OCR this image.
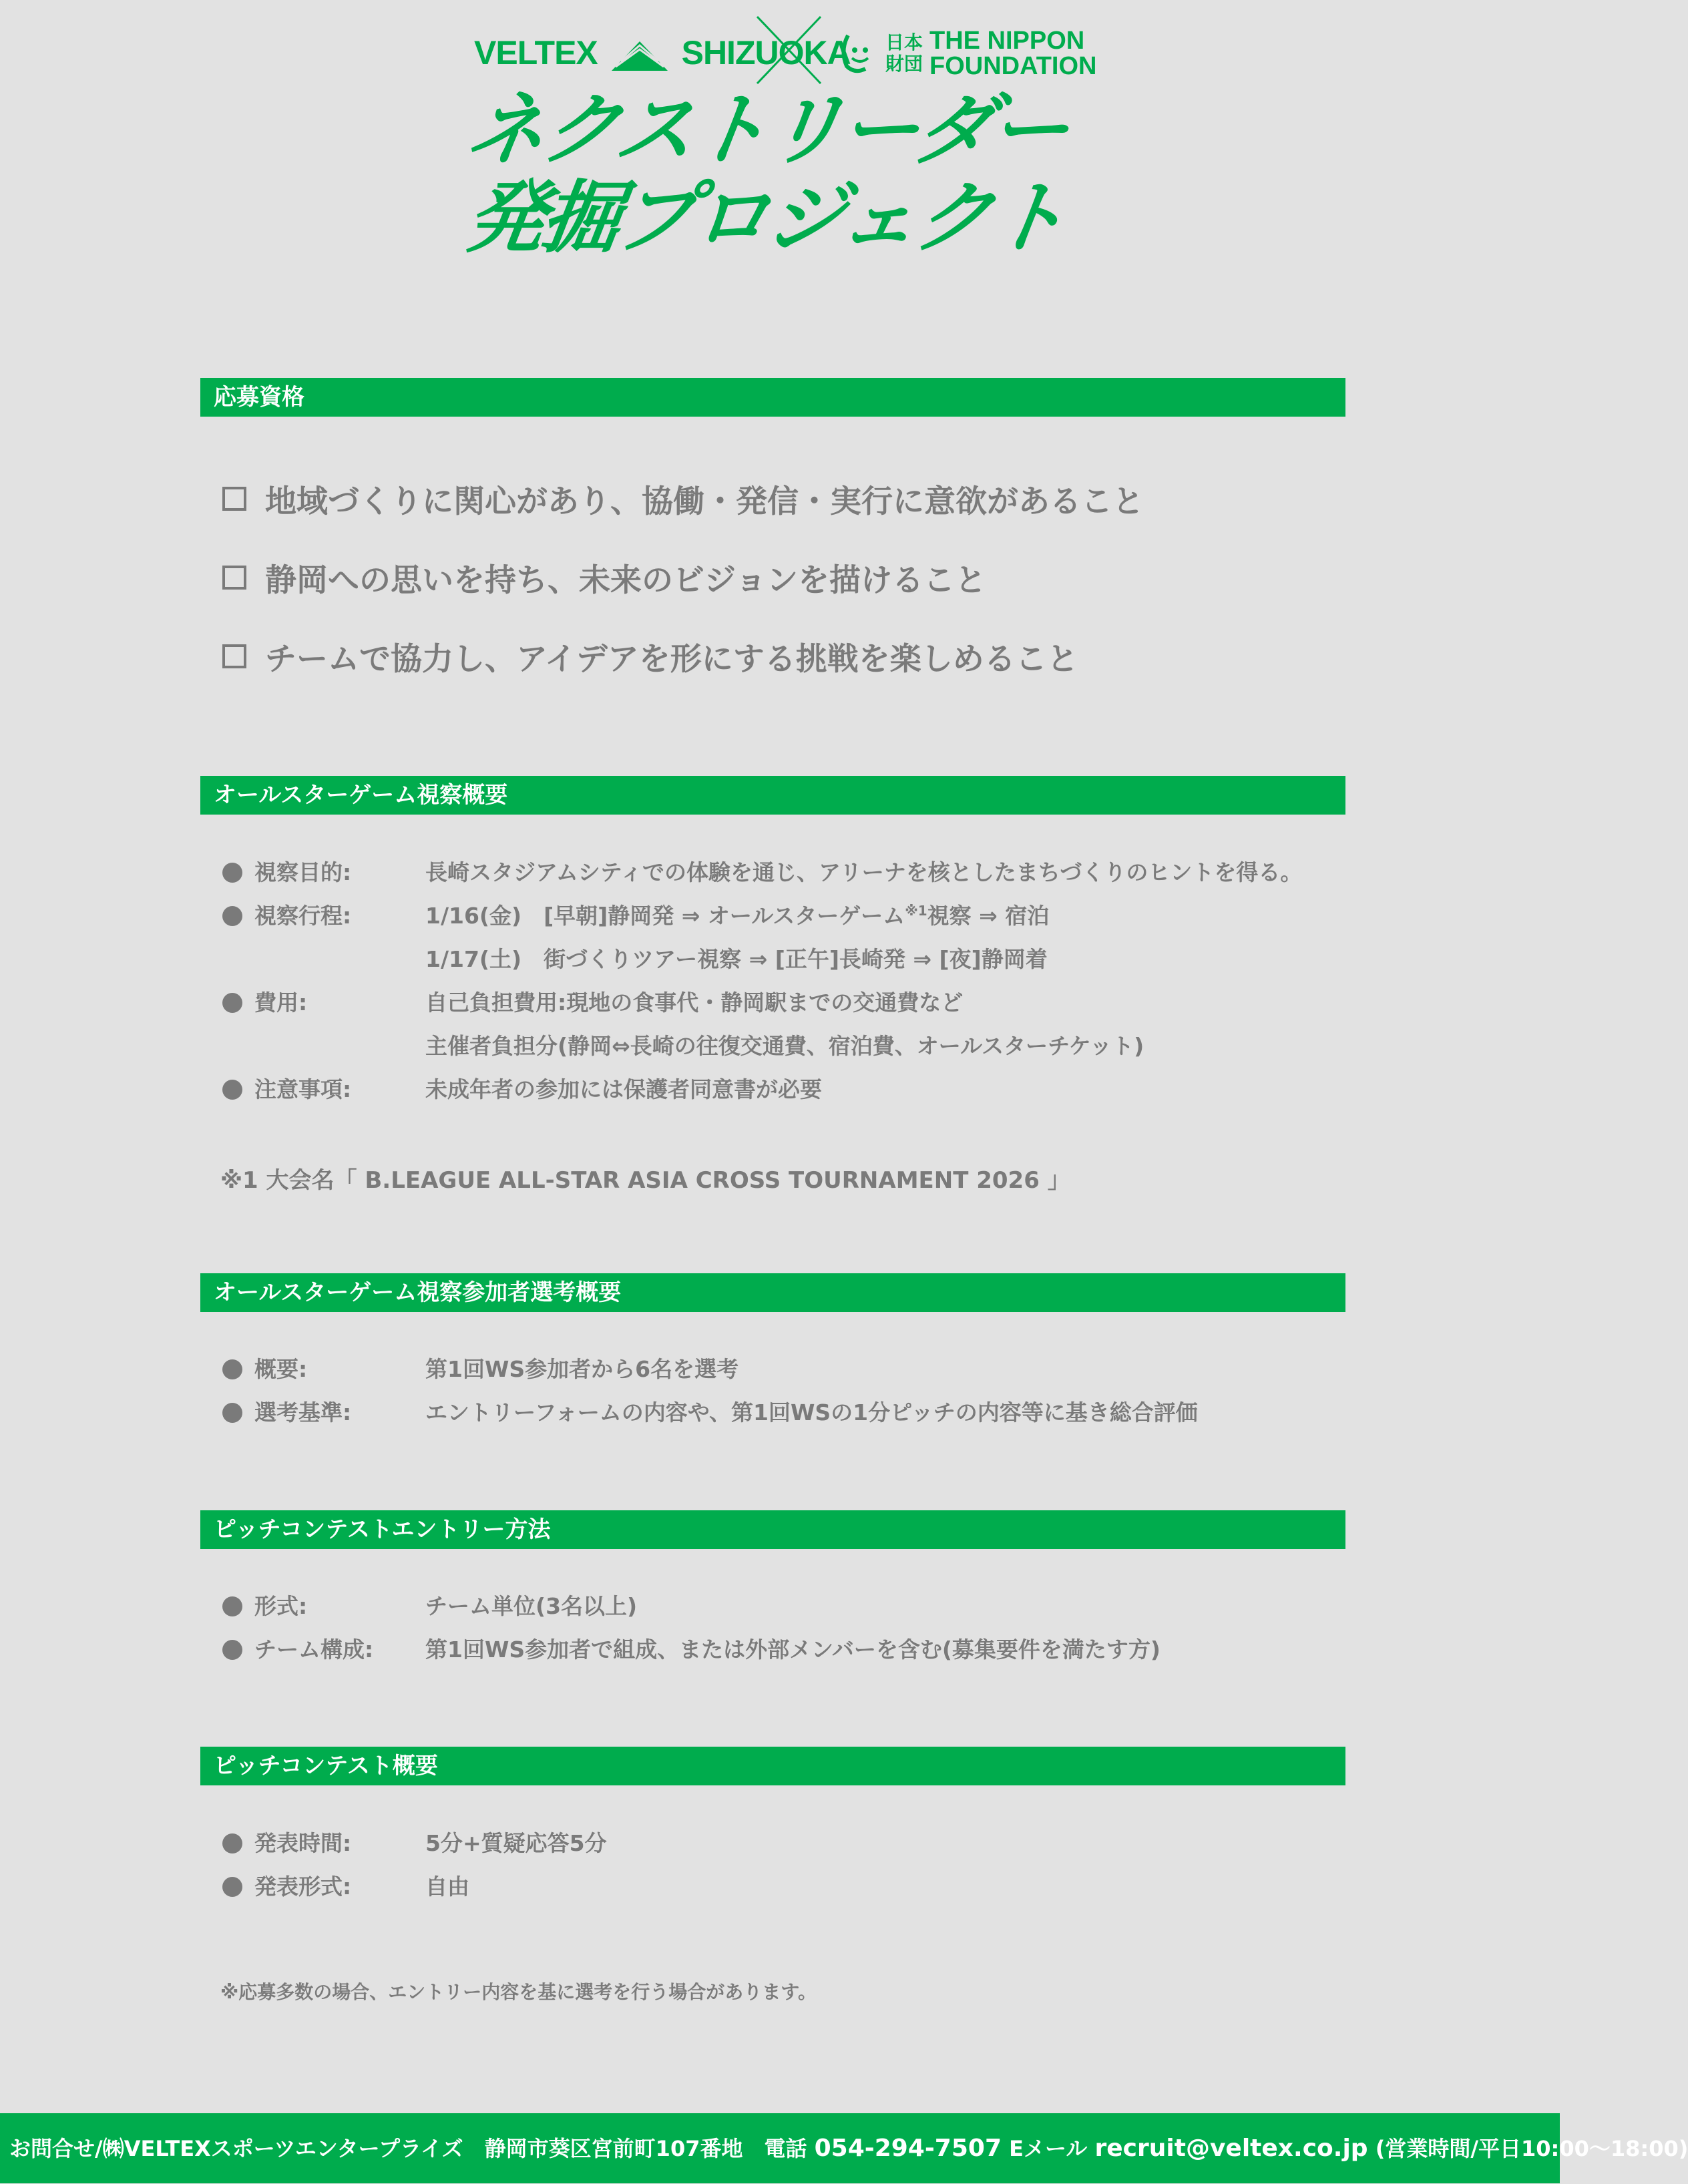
VELTEX	SHIZUOKA 日本財団
THE NIPPON
FOUNDATION
ネクストリーダー
発掘プロジェクト
応募資格
地域づくりに関心があり、協働・発信・実行に意欲があること
静岡への思いを持ち、未来のビジョンを描けること
チームで協力し、アイデアを形にする挑戦を楽しめること
オールスターゲーム視察概要
視察目的:	長崎スタジアムシティでの体験を通じ、アリーナを核としたまちづくりのヒントを得る。
視察行程:	1/16(金)　[早朝]静岡発 ⇒ オールスターゲーム$^{※1}$視察 ⇒ 宿泊
1/17(土)　街づくりツアー視察 ⇒ [正午]長崎発 ⇒ [夜]静岡着
費用:	自己負担費用:現地の食事代・静岡駅までの交通費など
主催者負担分(静岡⇔長崎の往復交通費、宿泊費、オールスターチケット)
注意事項:	未成年者の参加には保護者同意書が必要
※1 大会名「 B.LEAGUE ALL-STAR ASIA CROSS TOURNAMENT 2026 」
オールスターゲーム視察参加者選考概要
概要:	第1回WS参加者から6名を選考
選考基準:	エントリーフォームの内容や、第1回WSの1分ピッチの内容等に基き総合評価
ピッチコンテストエントリー方法
形式:	チーム単位(3名以上)
チーム構成:	第1回WS参加者で組成、または外部メンバーを含む(募集要件を満たす方)
ピッチコンテスト概要
発表時間:	5分+質疑応答5分
発表形式:	自由
※応募多数の場合、エントリー内容を基に選考を行う場合があります。
お問合せ/㈱VELTEXスポーツエンタープライズ　静岡市葵区宮前町107番地　電話 054-294-7507 Eメール recruit@veltex.co.jp (営業時間/平日10:00〜18:00)
